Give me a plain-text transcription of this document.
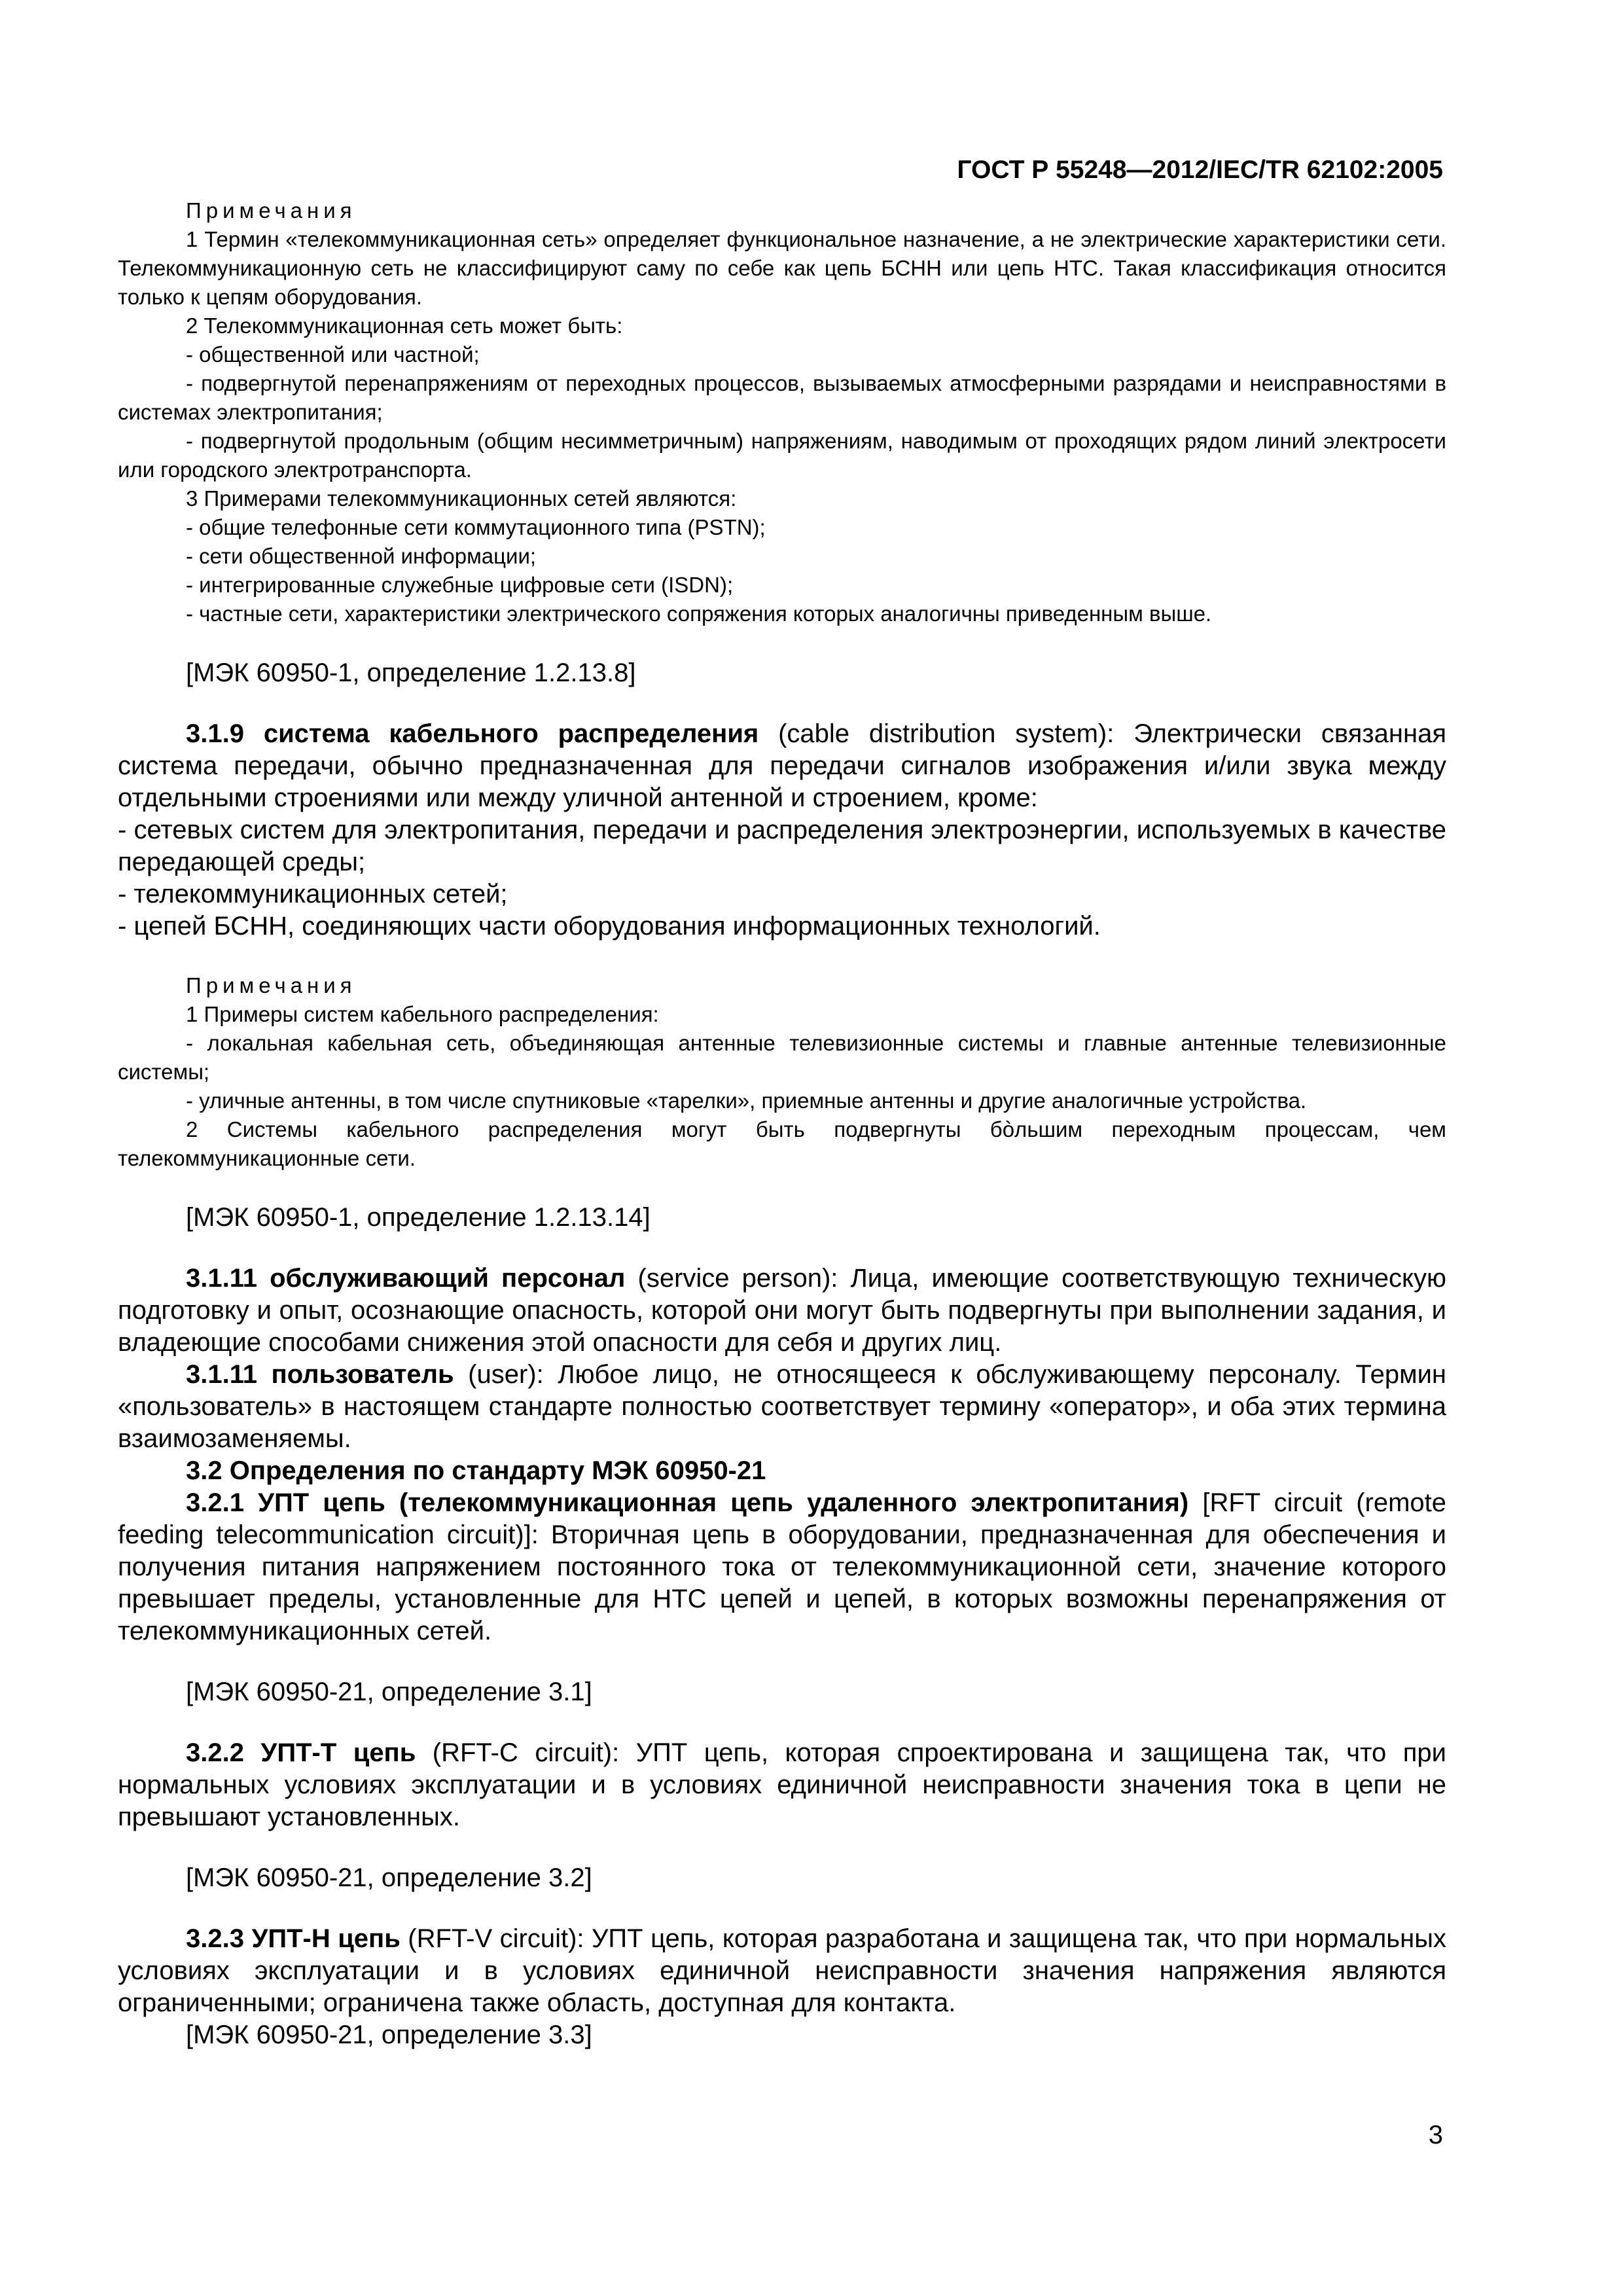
ГОСТ Р 55248—2012/IEC/TR 62102:2005

Примечания

1 Термин «телекоммуникационная сеть» определяет функциональное назначение, а не электрические характеристики сети. Телекоммуникационную сеть не классифицируют саму по себе как цепь БСНН или цепь НТС. Такая классификация относится только к цепям оборудования.

2 Телекоммуникационная сеть может быть:

- общественной или частной;

- подвергнутой перенапряжениям от переходных процессов, вызываемых атмосферными разрядами и неисправностями в системах электропитания;

- подвергнутой продольным (общим несимметричным) напряжениям, наводимым от проходящих рядом линий электросети или городского электротранспорта.

3 Примерами телекоммуникационных сетей являются:

- общие телефонные сети коммутационного типа (PSTN);

- сети общественной информации;

- интегрированные служебные цифровые сети (ISDN);

- частные сети, характеристики электрического сопряжения которых аналогичны приведенным выше.

[МЭК 60950-1, определение 1.2.13.8]

3.1.9 система кабельного распределения (cable distribution system): Электрически связанная система передачи, обычно предназначенная для передачи сигналов изображения и/или звука между отдельными строениями или между уличной антенной и строением, кроме:

- сетевых систем для электропитания, передачи и распределения электроэнергии, используемых в качестве передающей среды;

- телекоммуникационных сетей;

- цепей БСНН, соединяющих части оборудования информационных технологий.

Примечания

1 Примеры систем кабельного распределения:

- локальная кабельная сеть, объединяющая антенные телевизионные системы и главные антенные телевизионные системы;

- уличные антенны, в том числе спутниковые «тарелки», приемные антенны и другие аналогичные устройства.

2 Системы кабельного распределения могут быть подвергнуты бòльшим переходным процессам, чем телекоммуникационные сети.

[МЭК 60950-1, определение 1.2.13.14]

3.1.11 обслуживающий персонал (service person): Лица, имеющие соответствующую техническую подготовку и опыт, осознающие опасность, которой они могут быть подвергнуты при выполнении задания, и владеющие способами снижения этой опасности для себя и других лиц.

3.1.11 пользователь (user): Любое лицо, не относящееся к обслуживающему персоналу. Термин «пользователь» в настоящем стандарте полностью соответствует термину «оператор», и оба этих термина взаимозаменяемы.

3.2 Определения по стандарту МЭК 60950-21

3.2.1 УПТ цепь (телекоммуникационная цепь удаленного электропитания) [RFT circuit (remote feeding telecommunication circuit)]: Вторичная цепь в оборудовании, предназначенная для обеспечения и получения питания напряжением постоянного тока от телекоммуникационной сети, значение которого превышает пределы, установленные для НТС цепей и цепей, в которых возможны перенапряжения от телекоммуникационных сетей.

[МЭК 60950-21, определение 3.1]

3.2.2 УПТ-Т цепь (RFT-C circuit): УПТ цепь, которая спроектирована и защищена так, что при нормальных условиях эксплуатации и в условиях единичной неисправности значения тока в цепи не превышают установленных.

[МЭК 60950-21, определение 3.2]

3.2.3 УПТ-Н цепь (RFT-V circuit): УПТ цепь, которая разработана и защищена так, что при нормальных условиях эксплуатации и в условиях единичной неисправности значения напряжения являются ограниченными; ограничена также область, доступная для контакта.

[МЭК 60950-21, определение 3.3]

3
